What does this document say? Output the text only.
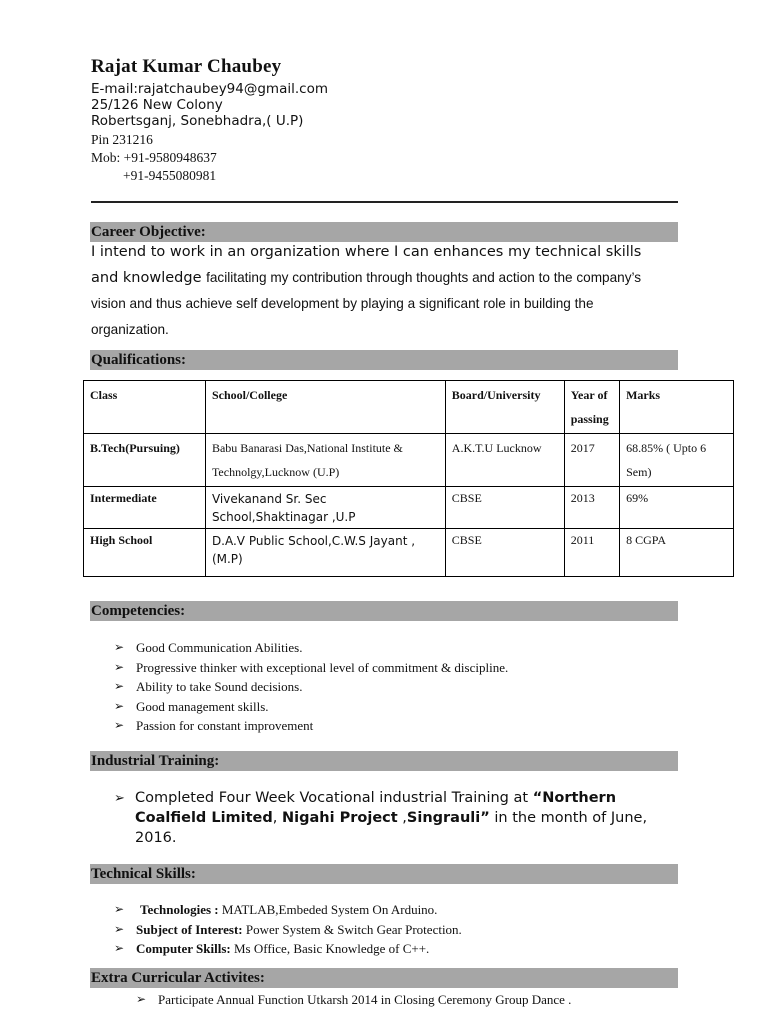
Rajat Kumar Chaubey
E-mail:rajatchaubey94@gmail.com
25/126 New Colony
Robertsganj, Sonebhadra,( U.P)
Pin 231216
Mob: +91-9580948637
+91-9455080981
Career Objective:
I intend to work in an organization where I can enhances my technical skills
and knowledge facilitating my contribution through thoughts and action to the company’s
vision and thus achieve self development by playing a significant role in building the
organization.
Qualifications:
Class	School/College	Board/University	Year of passing	Marks
B.Tech(Pursuing)	Babu Banarasi Das,National Institute & Technolgy,Lucknow (U.P)	A.K.T.U Lucknow	2017	68.85% ( Upto 6 Sem)
Intermediate	Vivekanand Sr. Sec School,Shaktinagar ,U.P	CBSE	2013	69%
High School	D.A.V Public School,C.W.S Jayant , (M.P)	CBSE	2011	8 CGPA
Competencies:
➢ Good Communication Abilities.
➢ Progressive thinker with exceptional level of commitment & discipline.
➢ Ability to take Sound decisions.
➢ Good management skills.
➢ Passion for constant improvement
Industrial Training:
➢ Completed Four Week Vocational industrial Training at “Northern Coalfield Limited, Nigahi Project ,Singrauli” in the month of June, 2016.
Technical Skills:
➢ Technologies : MATLAB,Embeded System On Arduino.
➢ Subject of Interest: Power System & Switch Gear Protection.
➢ Computer Skills: Ms Office, Basic Knowledge of C++.
Extra Curricular Activites:
➢ Participate Annual Function Utkarsh 2014 in Closing Ceremony Group Dance .
